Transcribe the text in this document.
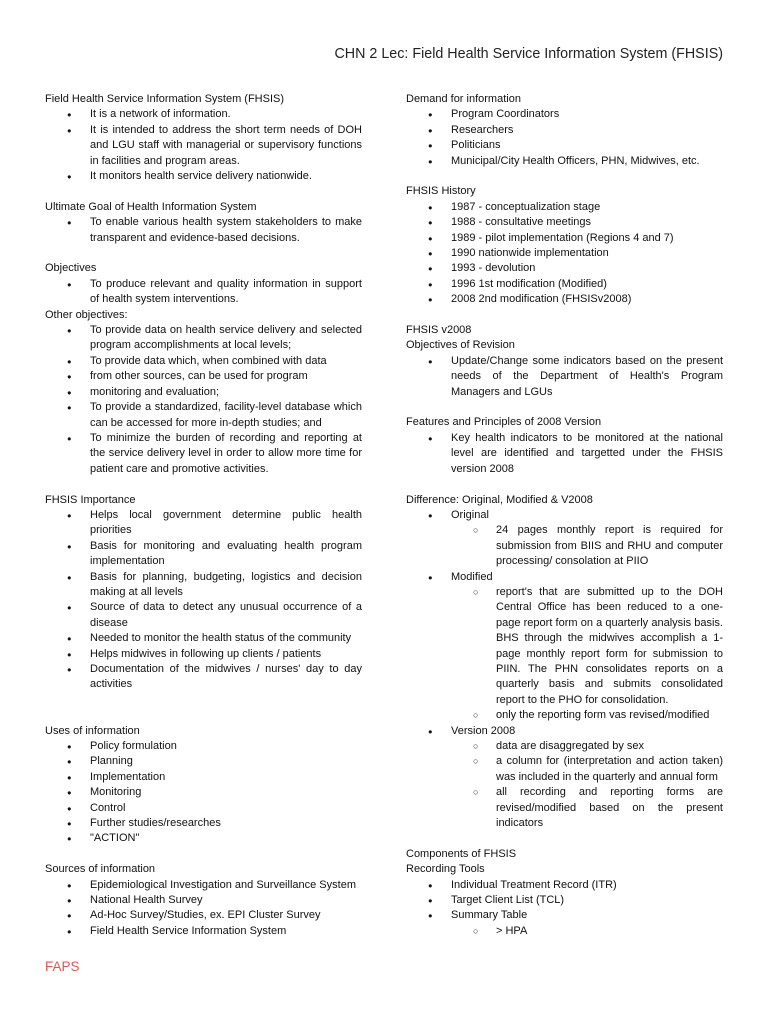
CHN 2 Lec: Field Health Service Information System (FHSIS)
Field Health Service Information System (FHSIS)
● It is a network of information.
● It is intended to address the short term needs of DOH and LGU staff with managerial or supervisory functions in facilities and program areas.
● It monitors health service delivery nationwide.
Ultimate Goal of Health Information System
● To enable various health system stakeholders to make transparent and evidence-based decisions.
Objectives
● To produce relevant and quality information in support of health system interventions.
Other objectives:
● To provide data on health service delivery and selected program accomplishments at local levels;
● To provide data which, when combined with data
● from other sources, can be used for program
● monitoring and evaluation;
● To provide a standardized, facility-level database which can be accessed for more in-depth studies; and
● To minimize the burden of recording and reporting at the service delivery level in order to allow more time for patient care and promotive activities.
FHSIS Importance
● Helps local government determine public health priorities
● Basis for monitoring and evaluating health program implementation
● Basis for planning, budgeting, logistics and decision making at all levels
● Source of data to detect any unusual occurrence of a disease
● Needed to monitor the health status of the community
● Helps midwives in following up clients / patients
● Documentation of the midwives / nurses' day to day activities
Uses of information
● Policy formulation
● Planning
● Implementation
● Monitoring
● Control
● Further studies/researches
● "ACTION"
Sources of information
● Epidemiological Investigation and Surveillance System
● National Health Survey
● Ad-Hoc Survey/Studies, ex. EPI Cluster Survey
● Field Health Service Information System
Demand for information
● Program Coordinators
● Researchers
● Politicians
● Municipal/City Health Officers, PHN, Midwives, etc.
FHSIS History
● 1987 - conceptualization stage
● 1988 - consultative meetings
● 1989 - pilot implementation (Regions 4 and 7)
● 1990 nationwide implementation
● 1993 - devolution
● 1996 1st modification (Modified)
● 2008 2nd modification (FHSISv2008)
FHSIS v2008
Objectives of Revision
● Update/Change some indicators based on the present needs of the Department of Health's Program Managers and LGUs
Features and Principles of 2008 Version
● Key health indicators to be monitored at the national level are identified and targetted under the FHSIS version 2008
Difference: Original, Modified & V2008
● Original
○ 24 pages monthly report is required for submission from BIIS and RHU and computer processing/ consolation at PIIO
● Modified
○ report's that are submitted up to the DOH Central Office has been reduced to a one-page report form on a quarterly analysis basis. BHS through the midwives accomplish a 1- page monthly report form for submission to PIIN. The PHN consolidates reports on a quarterly basis and submits consolidated report to the PHO for consolidation.
○ only the reporting form vas revised/modified
● Version 2008
○ data are disaggregated by sex
○ a column for (interpretation and action taken) was included in the quarterly and annual form
○ all recording and reporting forms are revised/modified based on the present indicators
Components of FHSIS
Recording Tools
● Individual Treatment Record (ITR)
● Target Client List (TCL)
● Summary Table
○ > HPA
FAPS
